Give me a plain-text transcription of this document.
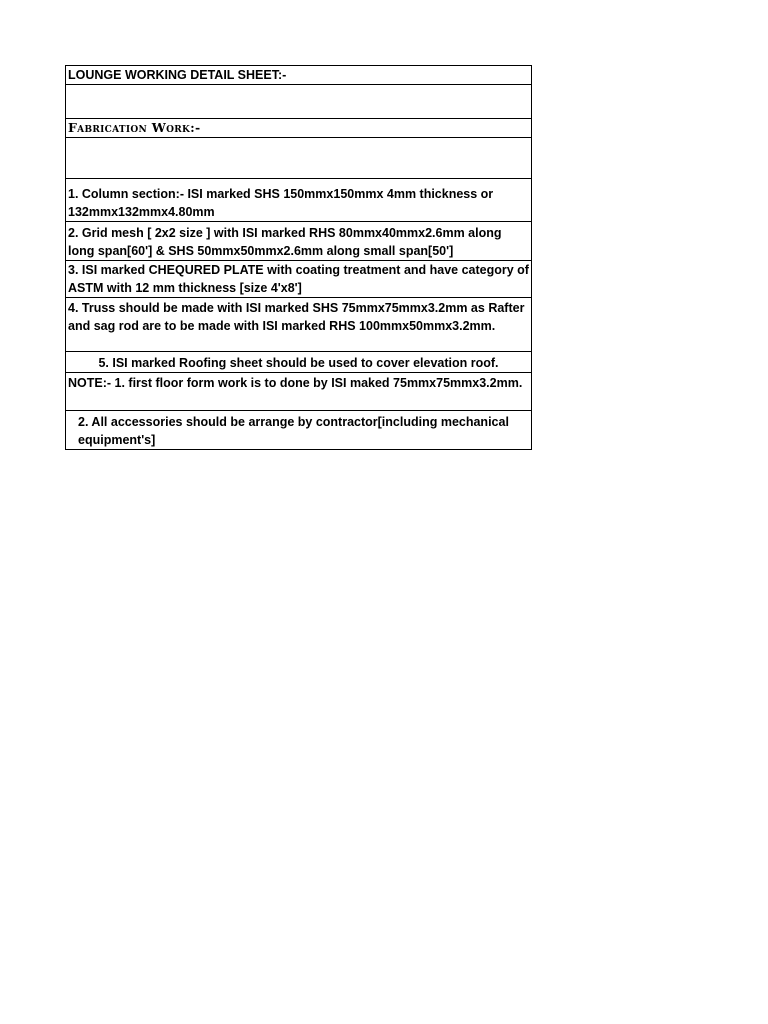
LOUNGE WORKING DETAIL SHEET:-

Fabrication Work:-

1. Column section:- ISI marked SHS 150mmx150mmx 4mm thickness or 132mmx132mmx4.80mm
2. Grid mesh [ 2x2 size ] with ISI marked RHS 80mmx40mmx2.6mm along long span[60'] & SHS 50mmx50mmx2.6mm along small span[50']
3. ISI marked CHEQURED PLATE with coating treatment and have category of ASTM with 12 mm thickness [size 4'x8']
4. Truss should be made with ISI marked SHS 75mmx75mmx3.2mm as Rafter and sag rod are to be made with ISI marked RHS 100mmx50mmx3.2mm.
5. ISI marked Roofing sheet should be used to cover elevation roof.
NOTE:- 1. first floor form work is to done by ISI maked 75mmx75mmx3.2mm.
2. All accessories should be arrange by contractor[including mechanical equipment's]
